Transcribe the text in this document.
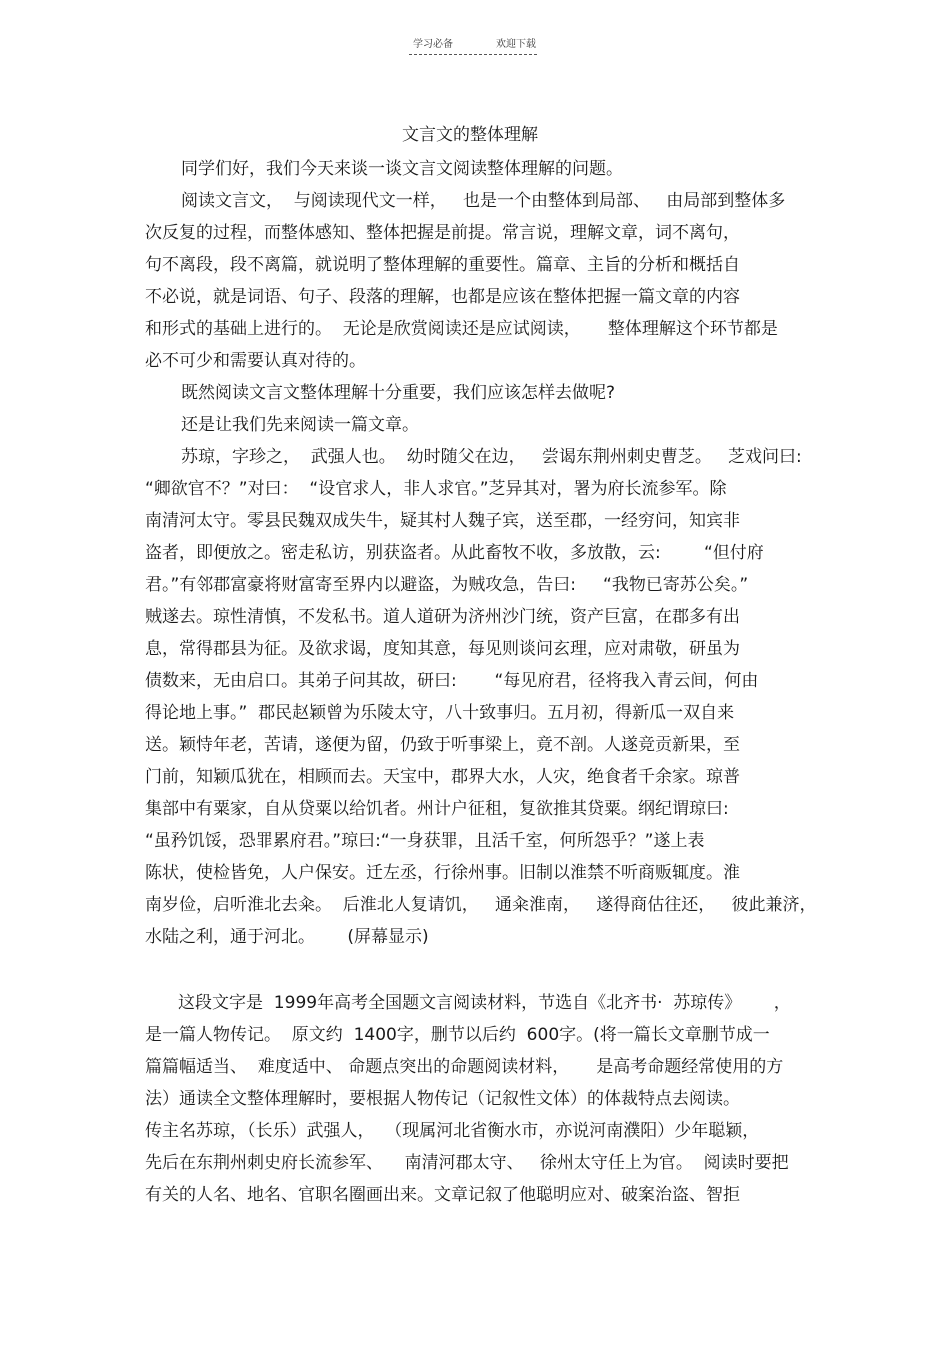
学习必备	欢迎下载
文言文的整体理解
同学们好，我们今天来谈一谈文言文阅读整体理解的问题。
阅读文言文，  与阅读现代文一样，   也是一个由整体到局部、   由局部到整体多
次反复的过程，而整体感知、整体把握是前提。常言说，理解文章，词不离句，
句不离段，段不离篇，就说明了整体理解的重要性。篇章、主旨的分析和概括自
不必说，就是词语、句子、段落的理解，也都是应该在整体把握一篇文章的内容
和形式的基础上进行的。  无论是欣赏阅读还是应试阅读，     整体理解这个环节都是
必不可少和需要认真对待的。
既然阅读文言文整体理解十分重要，我们应该怎样去做呢?
还是让我们先来阅读一篇文章。
苏琼，字珍之，  武强人也。  幼时随父在边，   尝谒东荆州刺史曹芝。   芝戏问曰:
“卿欲官不？”对曰：  “设官求人，非人求官。”芝异其对，署为府长流参军。除
南清河太守。零县民魏双成失牛，疑其村人魏子宾，送至郡，一经穷问，知宾非
盗者，即便放之。密走私访，别获盗者。从此畜牧不收，多放散，云:        “但付府
君。”有邻郡富豪将财富寄至界内以避盗，为贼攻急，告曰:     “我物已寄苏公矣。”
贼遂去。琼性清慎，不发私书。道人道研为济州沙门统，资产巨富，在郡多有出
息，常得郡县为征。及欲求谒，度知其意，每见则谈问玄理，应对肃敬，研虽为
债数来，无由启口。其弟子问其故，研曰:       “每见府君，径将我入青云间，何由
得论地上事。”  郡民赵颖曾为乐陵太守，八十致事归。五月初，得新瓜一双自来
送。颖恃年老，苦请，遂便为留，仍致于听事梁上，竟不剖。人遂竞贡新果，至
门前，知颖瓜犹在，相顾而去。天宝中，郡界大水，人灾，绝食者千余家。琼普
集部中有粟家，自从贷粟以给饥者。州计户征租，复欲推其贷粟。纲纪谓琼曰:
“虽矜饥馁，恐罪累府君。”琼曰:“一身获罪，且活千室，何所怨乎？”遂上表
陈状，使检皆免，人户保安。迁左丞，行徐州事。旧制以淮禁不听商贩辄度。淮
南岁俭，启听淮北去籴。  后淮北人复请饥，   通籴淮南，   遂得商估往还，   彼此兼济，
水陆之利，通于河北。      (屏幕显示)
这段文字是  1999年高考全国题文言阅读材料，节选自《北齐书·  苏琼传》      ，
是一篇人物传记。  原文约  1400字，删节以后约  600字。(将一篇长文章删节成一
篇篇幅适当、  难度适中、 命题点突出的命题阅读材料，     是高考命题经常使用的方
法）通读全文整体理解时，要根据人物传记（记叙性文体）的体裁特点去阅读。
传主名苏琼，（长乐）武强人，  （现属河北省衡水市，亦说河南濮阳）少年聪颖，
先后在东荆州刺史府长流参军、    南清河郡太守、   徐州太守任上为官。  阅读时要把
有关的人名、地名、官职名圈画出来。文章记叙了他聪明应对、破案治盗、智拒
